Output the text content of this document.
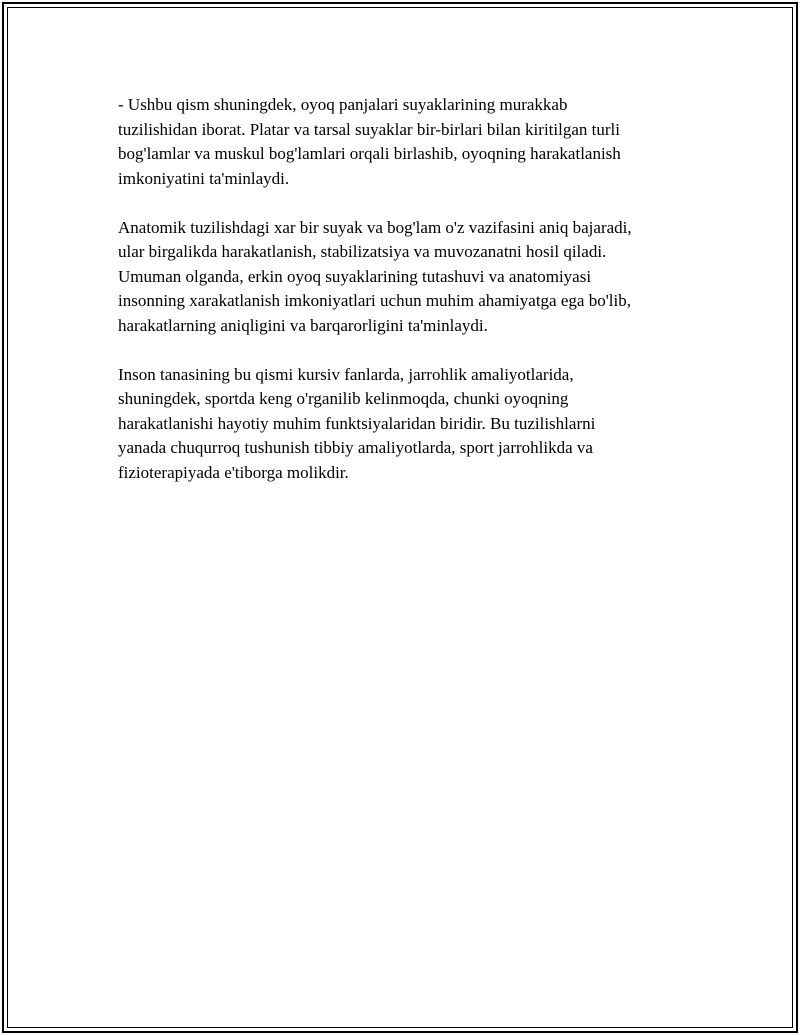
- Ushbu qism shuningdek, oyoq panjalari suyaklarining murakkab
tuzilishidan iborat. Platar va tarsal suyaklar bir-birlari bilan kiritilgan turli
bog'lamlar va muskul bog'lamlari orqali birlashib, oyoqning harakatlanish
imkoniyatini ta'minlaydi.

Anatomik tuzilishdagi xar bir suyak va bog'lam o'z vazifasini aniq bajaradi,
ular birgalikda harakatlanish, stabilizatsiya va muvozanatni hosil qiladi.
Umuman olganda, erkin oyoq suyaklarining tutashuvi va anatomiyasi
insonning xarakatlanish imkoniyatlari uchun muhim ahamiyatga ega bo'lib,
harakatlarning aniqligini va barqarorligini ta'minlaydi.

Inson tanasining bu qismi kursiv fanlarda, jarrohlik amaliyotlarida,
shuningdek, sportda keng o'rganilib kelinmoqda, chunki oyoqning
harakatlanishi hayotiy muhim funktsiyalaridan biridir. Bu tuzilishlarni
yanada chuqurroq tushunish tibbiy amaliyotlarda, sport jarrohlikda va
fizioterapiyada e'tiborga molikdir.
